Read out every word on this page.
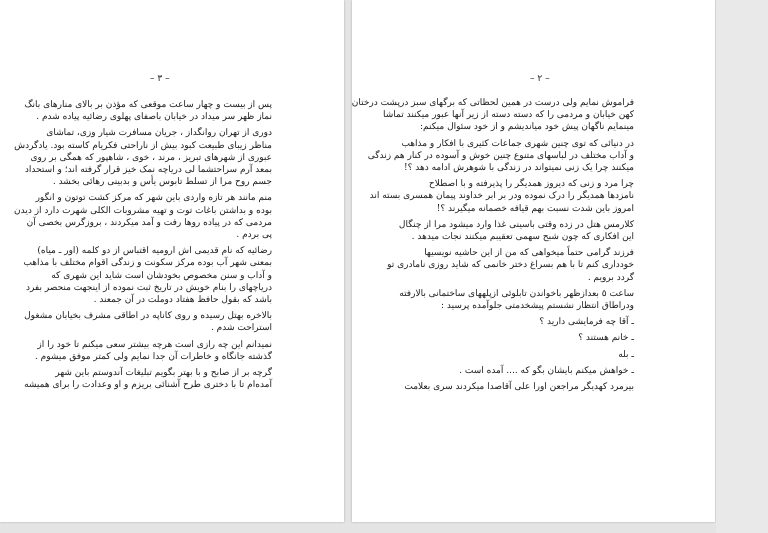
– ٣ –
پس از بیست و چهار ساعت موقعی که مؤذن بر بالای منارهای بانگ
نماز ظهر سر میداد در خیابان باصفای پهلوی رضائیه پیاده شدم .
دوری از تهران روانگداز ، جریان مسافرت شیار وزی، تماشای
مناظر زیبای طبیعت کبود بیش از ناراحتی فکریام کاسته بود. یادگردش
عبوری از شهرهای تبریز ، مرند ، خوی ، شاهپور که همگی بر روی
بمعد آرم سراحتشما لی دریاچه نمک خیز قرار گرفته اند؛ و استحداد
جسم روح مرا از تسلط تابوس یأس و بدبینی رهائی بخشد .
منم مانند هر تازه واردی باین شهر که مرکز کشت توتون و انگور
بوده و بداشتن باغات توت و تهیه مشروبات الکلی شهرت دارد از دیدن
مردمی که در پیاده روها رفت و آمد میکردند ، بروزگرس بخصی آن
پی بردم .
رضائیه که نام قدیمی اش ارومیه اقتباس از دو کلمه (اور ـ میاه)
بمعنی شهر آب بوده مرکز سکونت و زندگی اقوام مختلف با مذاهب
و آداب و سنن مخصوص بخودشان است شاید این شهری که
دریاچهای را بنام خویش در تاریخ ثبت نموده از اینجهت منحصر بفرد
باشد که بقول حافظ هفتاد دوملت در آن جمعند .
بالاخره بهتل رسیده و روی کاناپه در اطاقی مشرف بخیابان مشغول
استراحت شدم .
نمیدانم این چه رازی است هرچه بیشتر سعی میکنم تا خود را از
گذشته جانگاه و خاطرات آن جدا نمایم ولی کمتر موفق میشوم .
گرچه بر از صابح و با بهتر بگویم تبلیغات آندوستم باین شهر
آمده‌ام تا با دختری طرح آشنائی بریزم و او وعدادت را برای همیشه
– ٢ –
فراموش نمایم ولی درست در همین لحظاتی که برگهای سبز درپشت درختان
کهن خیابان و مردمی را که دسته دسته از زیر آنها عبور میکنند تماشا
مینمایم ناگهان پیش خود میاندیشم و از خود سئوال میکنم:
در دنیائی که توی چنین شهری جماعات کثیری با افکار و مذاهب
و آداب مختلف در لباسهای متنوع چنین خوش و آسوده در کنار هم زندگی
میکنند چرا یک زنی نمیتواند در زندگی با شوهرش ادامه دهد ؟!
چرا مرد و زنی که دیروز همدیگر را پذیرفته و با اصطلاح
نامزدها همدیگر را درک نموده ودر بر ابر خداوند پیمان همسری بسته اند
امروز باین شدت نسبت بهم قیافه خصمانه میگیرند ؟!
کلارمس هتل در زده وقتی باسینی غذا وارد میشود مرا از چنگال
این افکاری که چون شبح سهمی تعقیبم میکنند نجات میدهد .
فرزند گرامی حتماً میخواهی که من از این حاشیه نویسیها
خودداری کنم تا با هم بسراغ دختر خانمی که شاید روزی نامادری تو
گردد برویم .
ساعت ٥ بعدازظهر باخواندن تابلوئی ازپلههای ساختمانی بالارفته
ودراطاق انتظار نشستم پیشخدمتی جلوآمده پرسید :
ـ آقا چه فرمایشی دارید ؟
ـ خانم هستند ؟
ـ بله
ـ خواهش میکنم بایشان بگو که .... آمده است .
بیرمرد کهدیگر مراجعن اورا علی آقاصدا میکردند سری بعلامت
